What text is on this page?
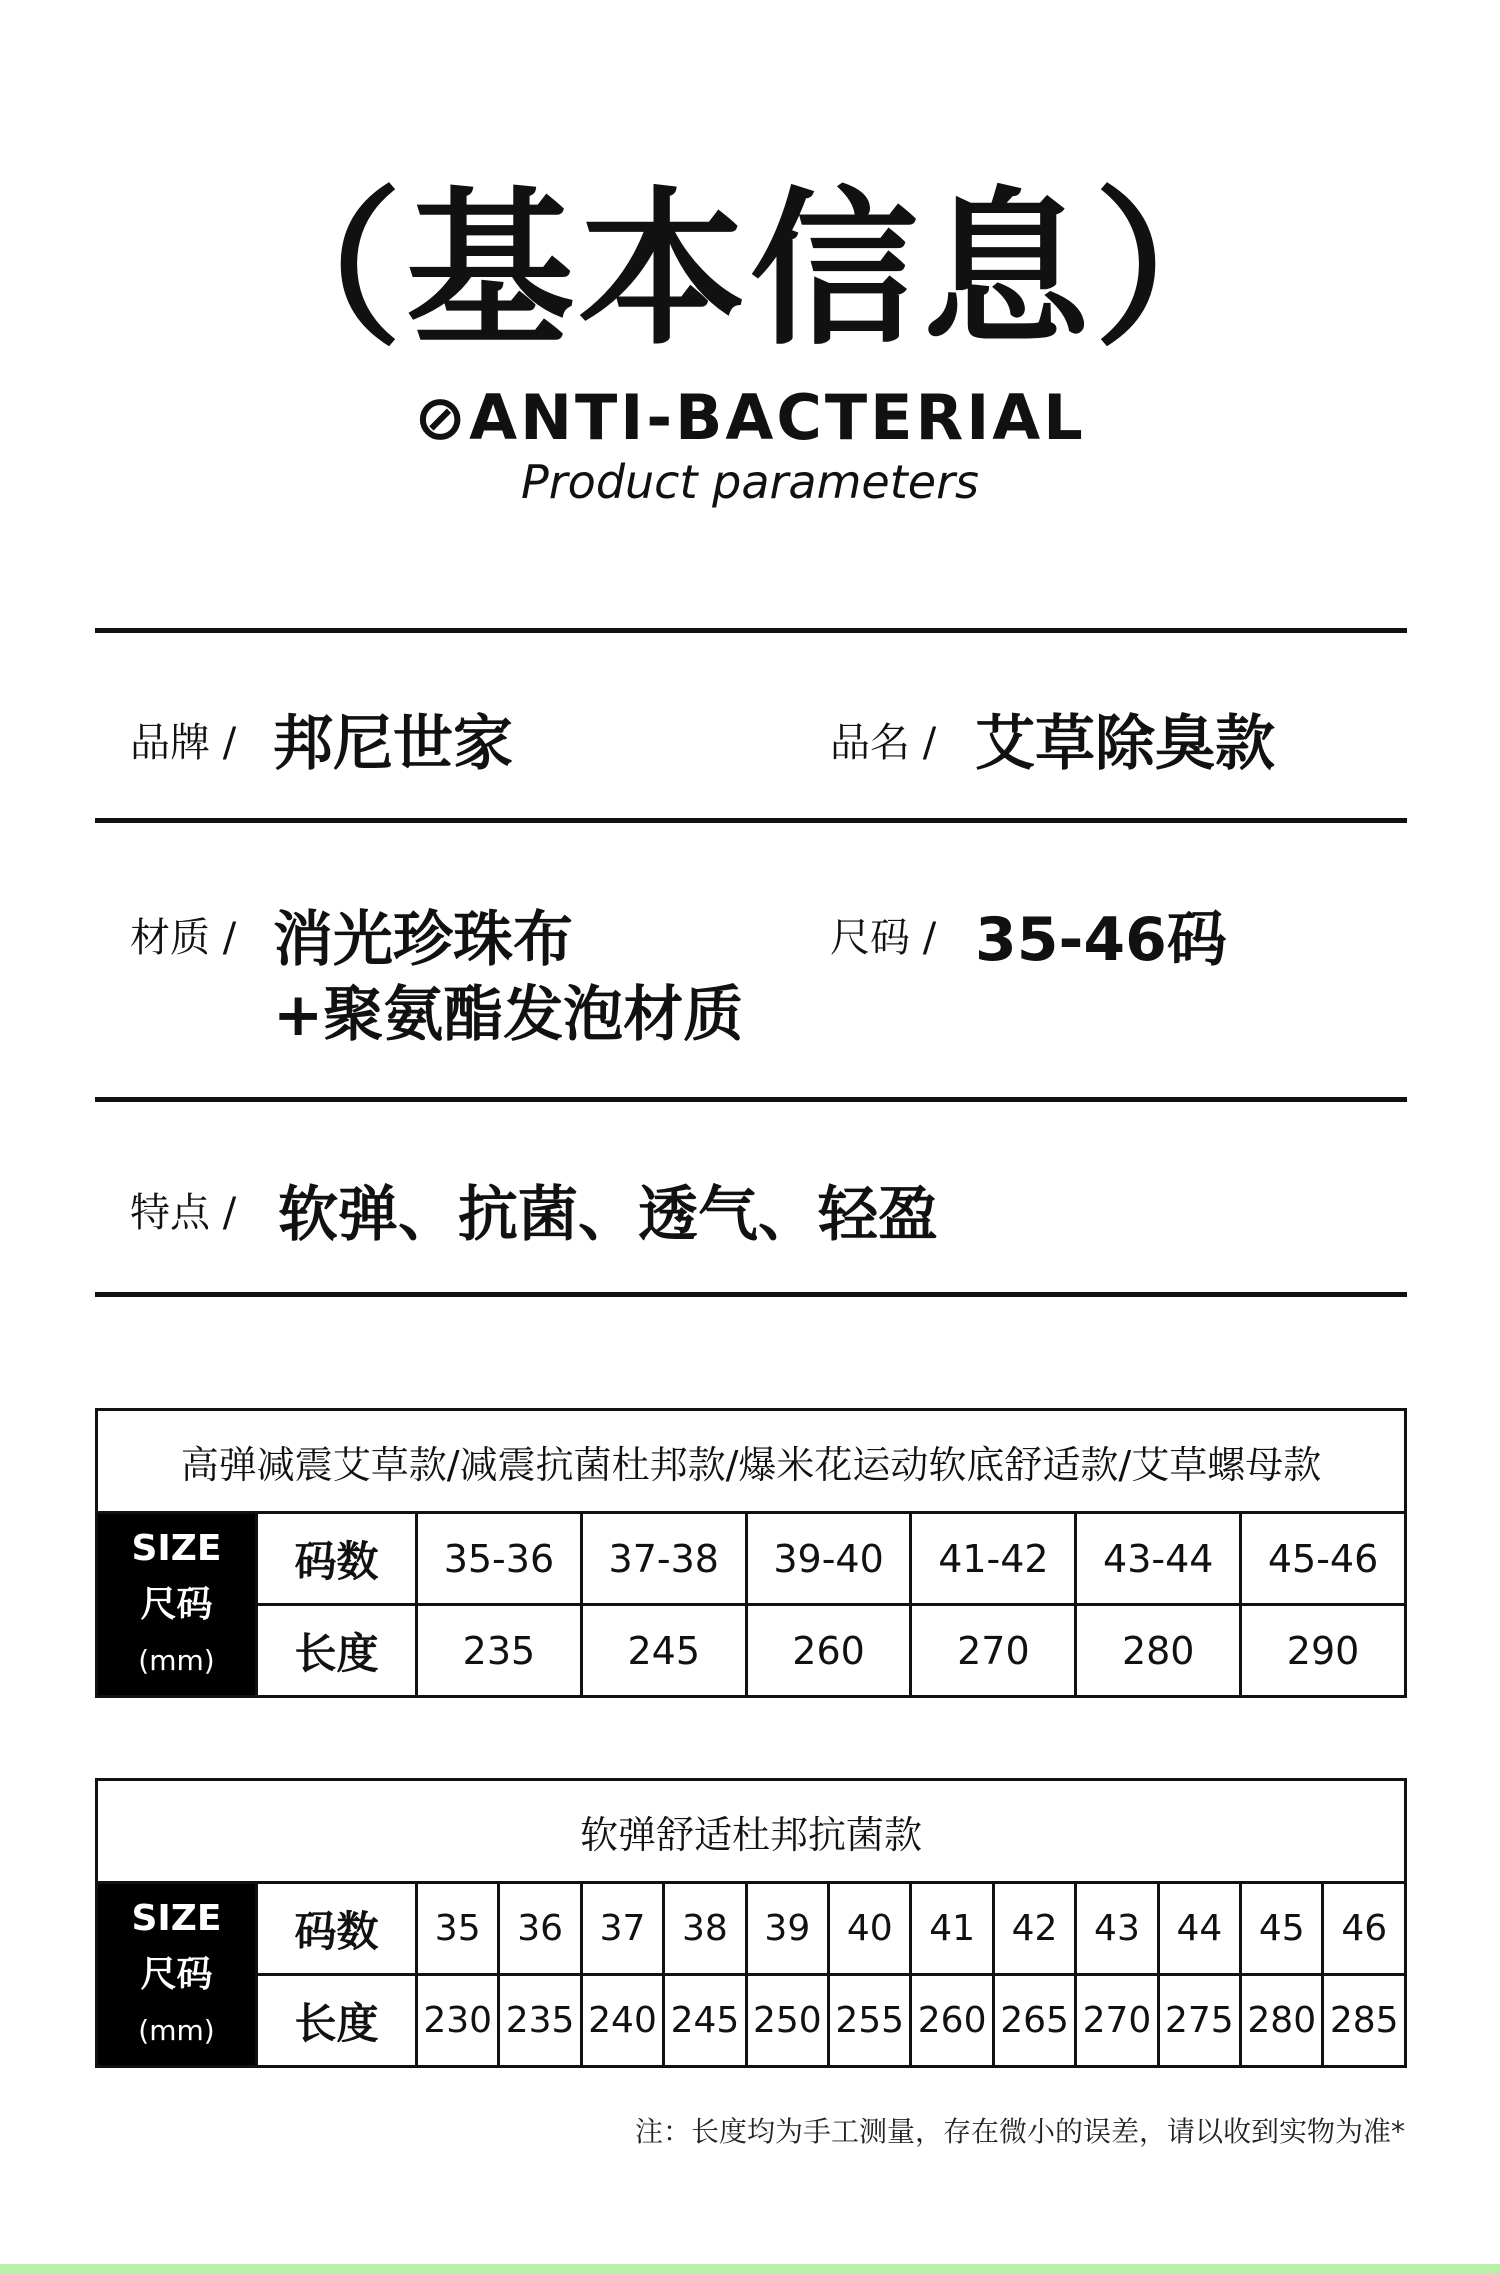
（基本信息）
⊘ANTI-BACTERIAL
Product parameters
品牌 / 邦尼世家	品名 / 艾草除臭款
材质 / 消光珍珠布
+聚氨酯发泡材质
尺码 / 35-46码
特点 / 软弹、抗菌、透气、轻盈
高弹减震艾草款/减震抗菌杜邦款/爆米花运动软底舒适款/艾草螺母款							

SIZE
尺码
(mm)	码数	35-36	37-38	39-40	41-42	43-44	45-46
	长度	235	245	260	270	280	290
软弹舒适杜邦抗菌款													

SIZE
尺码
(mm)	码数	35	36	37	38	39	40	41	42	43	44	45	46
	长度	230	235	240	245	250	255	260	265	270	275	280	285
注：长度均为手工测量，存在微小的误差，请以收到实物为准*
